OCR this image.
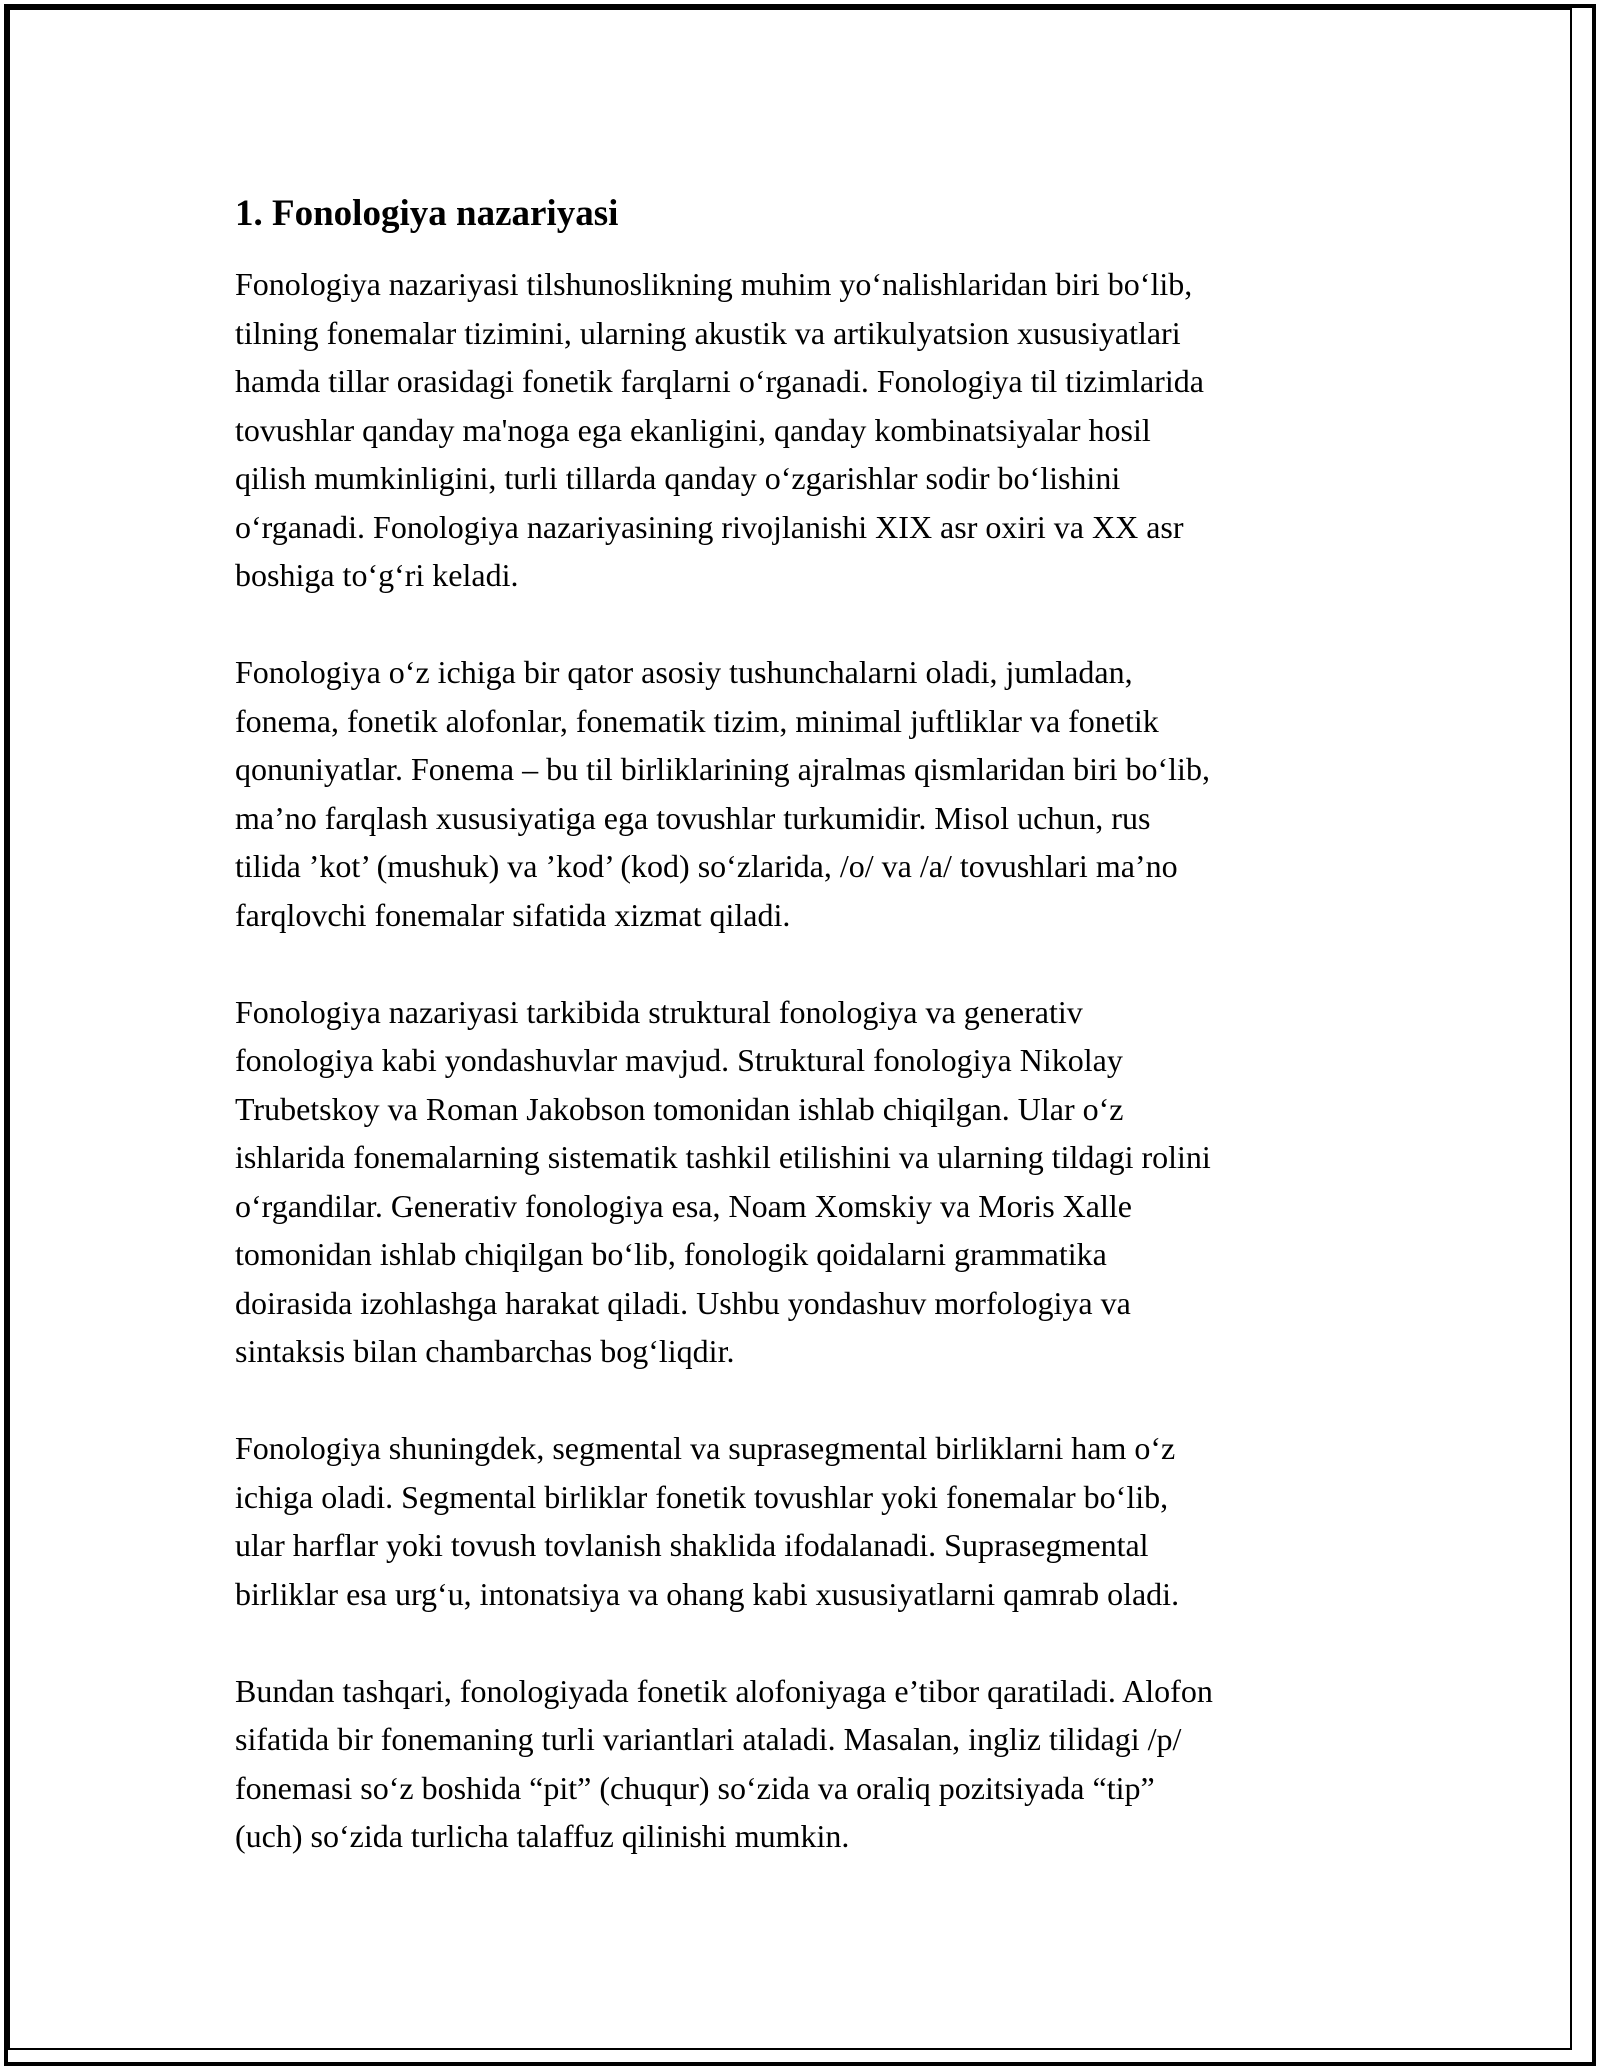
1. Fonologiya nazariyasi

Fonologiya nazariyasi tilshunoslikning muhim yo‘nalishlaridan biri bo‘lib,
tilning fonemalar tizimini, ularning akustik va artikulyatsion xususiyatlari
hamda tillar orasidagi fonetik farqlarni o‘rganadi. Fonologiya til tizimlarida
tovushlar qanday ma'noga ega ekanligini, qanday kombinatsiyalar hosil
qilish mumkinligini, turli tillarda qanday o‘zgarishlar sodir bo‘lishini
o‘rganadi. Fonologiya nazariyasining rivojlanishi XIX asr oxiri va XX asr
boshiga to‘g‘ri keladi.

Fonologiya o‘z ichiga bir qator asosiy tushunchalarni oladi, jumladan,
fonema, fonetik alofonlar, fonematik tizim, minimal juftliklar va fonetik
qonuniyatlar. Fonema – bu til birliklarining ajralmas qismlaridan biri bo‘lib,
ma’no farqlash xususiyatiga ega tovushlar turkumidir. Misol uchun, rus
tilida ’kot’ (mushuk) va ’kod’ (kod) so‘zlarida, /o/ va /a/ tovushlari ma’no
farqlovchi fonemalar sifatida xizmat qiladi.

Fonologiya nazariyasi tarkibida struktural fonologiya va generativ
fonologiya kabi yondashuvlar mavjud. Struktural fonologiya Nikolay
Trubetskoy va Roman Jakobson tomonidan ishlab chiqilgan. Ular o‘z
ishlarida fonemalarning sistematik tashkil etilishini va ularning tildagi rolini
o‘rgandilar. Generativ fonologiya esa, Noam Xomskiy va Moris Xalle
tomonidan ishlab chiqilgan bo‘lib, fonologik qoidalarni grammatika
doirasida izohlashga harakat qiladi. Ushbu yondashuv morfologiya va
sintaksis bilan chambarchas bog‘liqdir.

Fonologiya shuningdek, segmental va suprasegmental birliklarni ham o‘z
ichiga oladi. Segmental birliklar fonetik tovushlar yoki fonemalar bo‘lib,
ular harflar yoki tovush tovlanish shaklida ifodalanadi. Suprasegmental
birliklar esa urg‘u, intonatsiya va ohang kabi xususiyatlarni qamrab oladi.

Bundan tashqari, fonologiyada fonetik alofoniyaga e’tibor qaratiladi. Alofon
sifatida bir fonemaning turli variantlari ataladi. Masalan, ingliz tilidagi /p/
fonemasi so‘z boshida “pit” (chuqur) so‘zida va oraliq pozitsiyada “tip”
(uch) so‘zida turlicha talaffuz qilinishi mumkin.
